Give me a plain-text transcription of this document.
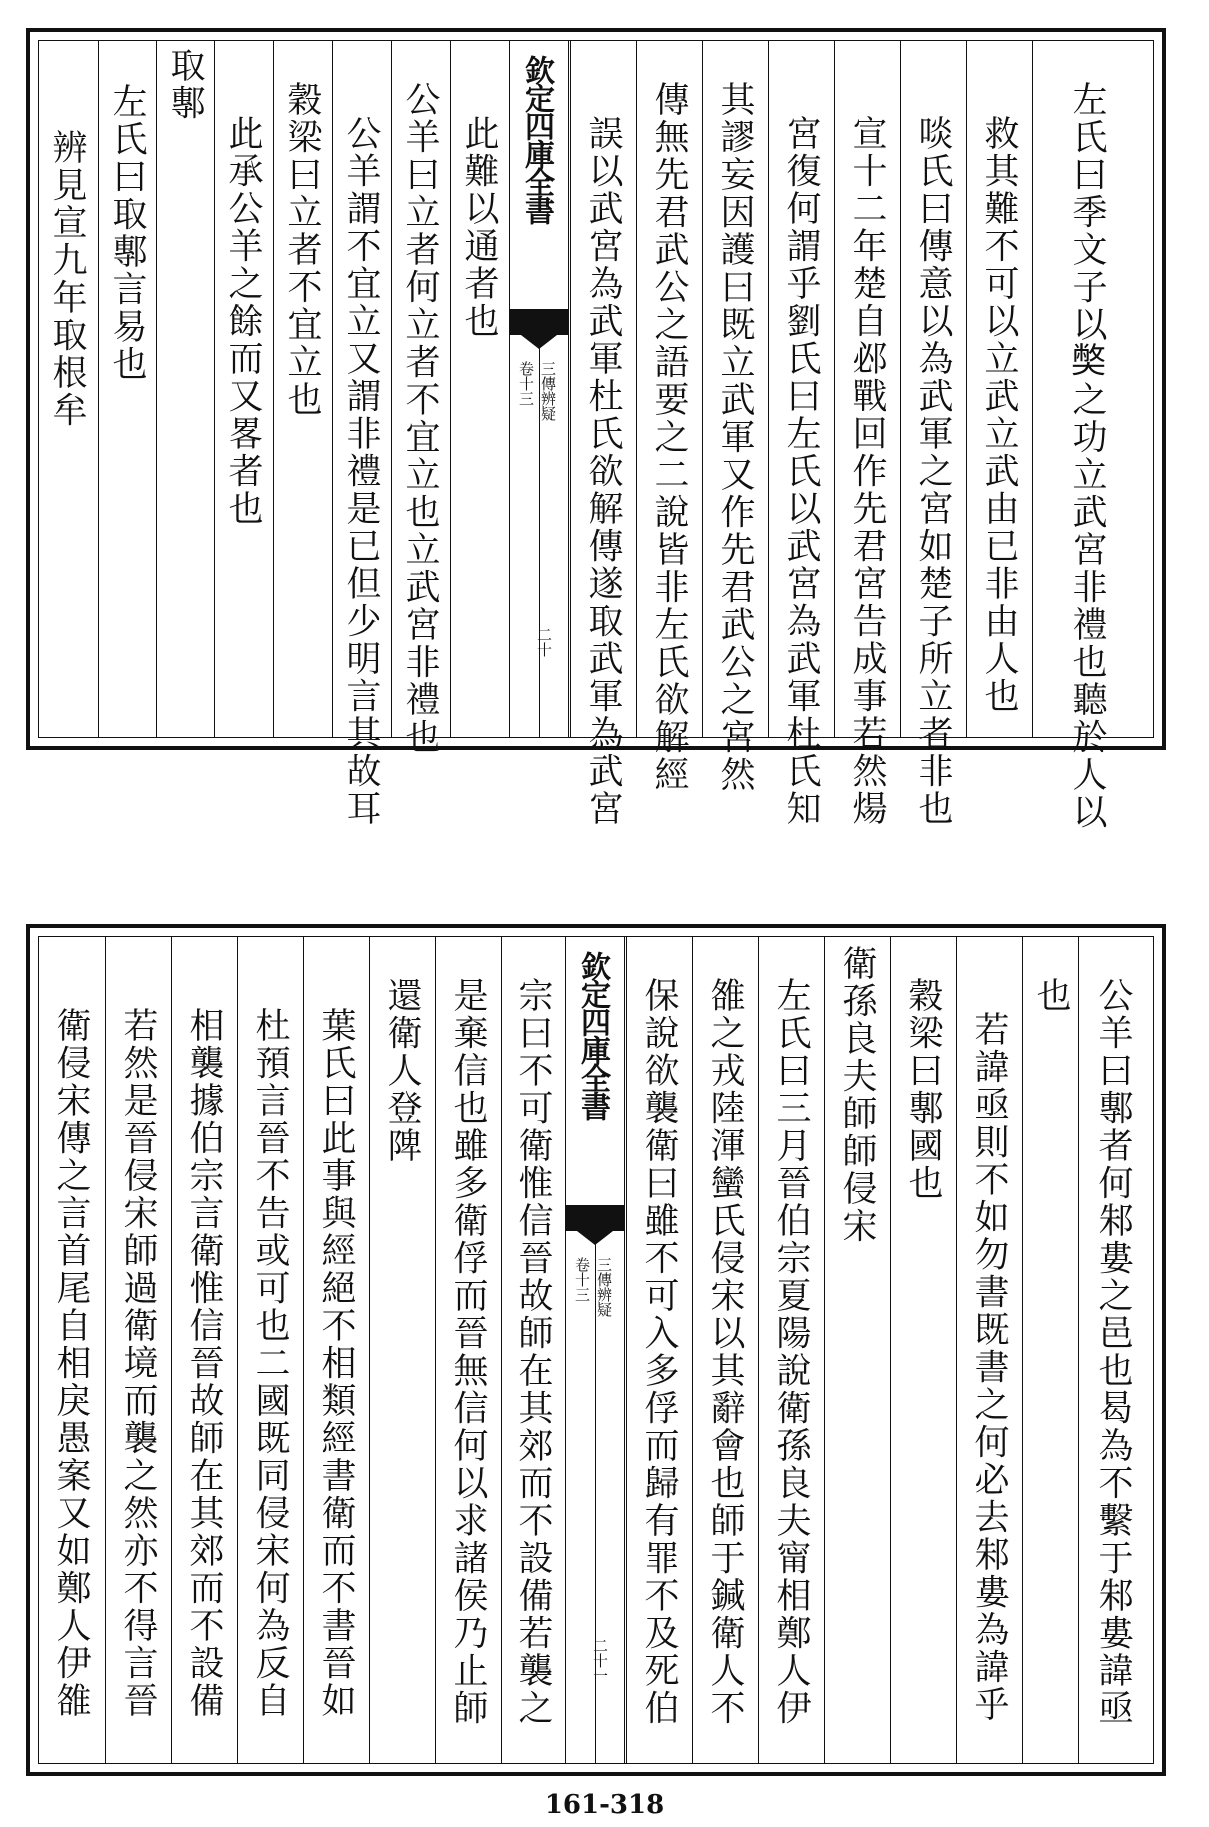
辨見宣九年取根牟 左氏曰取鄟言易也 取鄟
此承公羊之餘而又畧者也 穀梁曰立者不宜立也 公羊謂不宜立又謂非禮是已但少明言其故耳 公羊曰立者何立者不宜立也立武宮非禮也 此難以通者也 欽定四庫全書
三傳辨疑
卷十三
二十 誤以武宮為武軍杜氏欲解傳遂取武軍為武宮 傳無先君武公之語要之二說皆非左氏欲解經 其謬妄因護曰既立武軍又作先君武公之宮然 宮復何謂乎劉氏曰左氏以武宮為武軍杜氏知 宣十二年楚自邲戰回作先君宮告成事若然煬 啖氏曰傳意以為武軍之宮如楚子所立者非也 救其難不可以立武立武由已非由人也 左氏曰季文子以𡚁之功立武宮非禮也聽於人以
衛侵宋傳之言首尾自相戾愚案又如鄭人伊雒 若然是晉侵宋師過衛境而襲之然亦不得言晉 相襲據伯宗言衛惟信晉故師在其郊而不設備 杜預言晉不告或可也二國既同侵宋何為反自 葉氏曰此事與經絕不相類經書衛而不書晉如 還衛人登陴 是棄信也雖多衛俘而晉無信何以求諸侯乃止師 宗曰不可衛惟信晉故師在其郊而不設備若襲之 欽定四庫全書
三傳辨疑
卷十三
二十一 保說欲襲衛曰雖不可入多俘而歸有罪不及死伯 雒之戎陸渾蠻氏侵宋以其辭會也師于鍼衛人不 左氏曰三月晉伯宗夏陽說衛孫良夫甯相鄭人伊 衛孫良夫師師侵宋 穀梁曰鄟國也 若諱亟則不如勿書既書之何必去邾婁為諱乎
也 公羊曰鄟者何邾婁之邑也曷為不繫于邾婁諱亟
161-318
